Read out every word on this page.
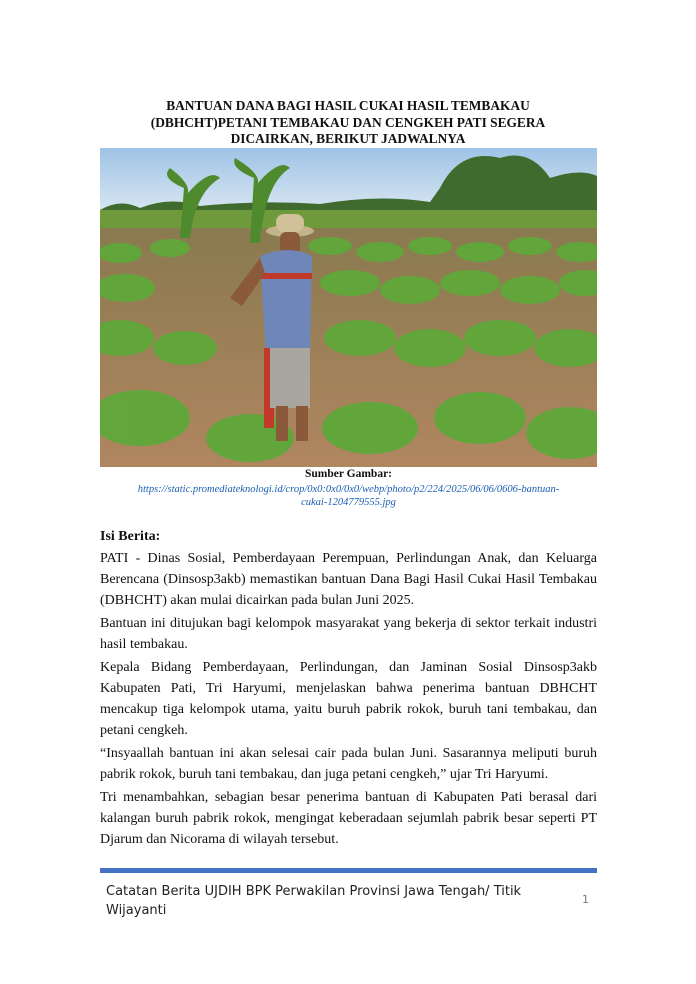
BANTUAN DANA BAGI HASIL CUKAI HASIL TEMBAKAU
(DBHCHT)PETANI TEMBAKAU DAN CENGKEH PATI SEGERA
DICAIRKAN, BERIKUT JADWALNYA
Sumber Gambar:
https://static.promediateknologi.id/crop/0x0:0x0/0x0/webp/photo/p2/224/2025/06/06/0606-bantuan-
cukai-1204779555.jpg
Isi Berita:

PATI - Dinas Sosial, Pemberdayaan Perempuan, Perlindungan Anak, dan Keluarga Berencana (Dinsosp3akb) memastikan bantuan Dana Bagi Hasil Cukai Hasil Tembakau (DBHCHT) akan mulai dicairkan pada bulan Juni 2025.

Bantuan ini ditujukan bagi kelompok masyarakat yang bekerja di sektor terkait industri hasil tembakau.

Kepala Bidang Pemberdayaan, Perlindungan, dan Jaminan Sosial Dinsosp3akb Kabupaten Pati, Tri Haryumi, menjelaskan bahwa penerima bantuan DBHCHT mencakup tiga kelompok utama, yaitu buruh pabrik rokok, buruh tani tembakau, dan petani cengkeh.

“Insyaallah bantuan ini akan selesai cair pada bulan Juni. Sasarannya meliputi buruh pabrik rokok, buruh tani tembakau, dan juga petani cengkeh,” ujar Tri Haryumi.

Tri menambahkan, sebagian besar penerima bantuan di Kabupaten Pati berasal dari kalangan buruh pabrik rokok, mengingat keberadaan sejumlah pabrik besar seperti PT Djarum dan Nicorama di wilayah tersebut.

Catatan Berita UJDIH BPK Perwakilan Provinsi Jawa Tengah/ Titik Wijayanti
1
